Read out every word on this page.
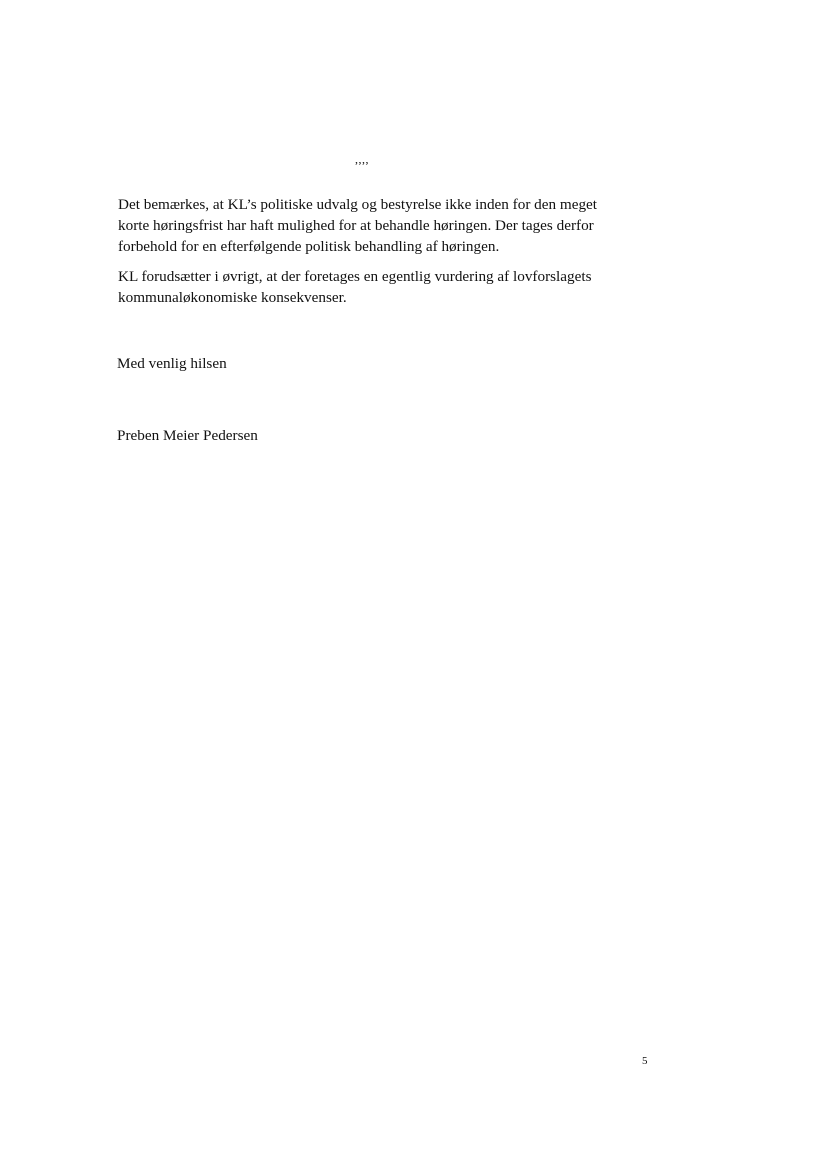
,,,,

Det bemærkes, at KL’s politiske udvalg og bestyrelse ikke inden for den meget korte høringsfrist har haft mulighed for at behandle høringen. Der tages derfor forbehold for en efterfølgende politisk behandling af høringen.

KL forudsætter i øvrigt, at der foretages en egentlig vurdering af lovforslagets kommunaløkonomiske konsekvenser.

Med venlig hilsen
Preben Meier Pedersen
5
